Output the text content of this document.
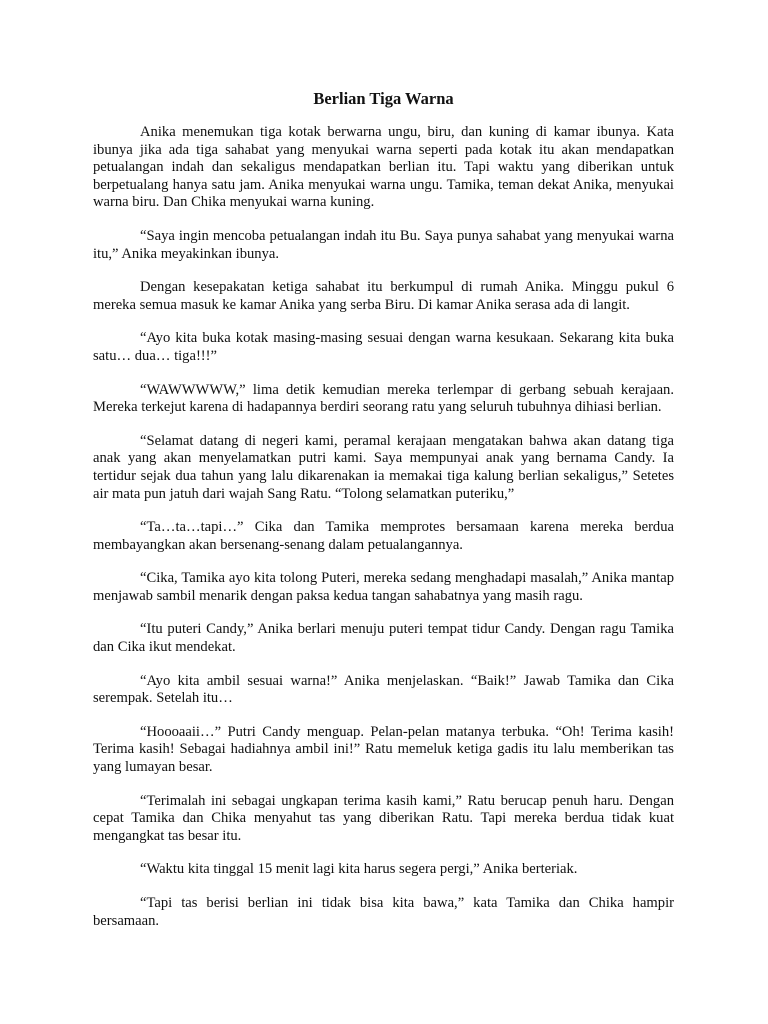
Berlian Tiga Warna

Anika menemukan tiga kotak berwarna ungu, biru, dan kuning di kamar ibunya. Kata ibunya jika ada tiga sahabat yang menyukai warna seperti pada kotak itu akan mendapatkan petualangan indah dan sekaligus mendapatkan berlian itu. Tapi waktu yang diberikan untuk berpetualang hanya satu jam. Anika menyukai warna ungu. Tamika, teman dekat Anika, menyukai warna biru. Dan Chika menyukai warna kuning.

“Saya ingin mencoba petualangan indah itu Bu. Saya punya sahabat yang menyukai warna itu,” Anika meyakinkan ibunya.

Dengan kesepakatan ketiga sahabat itu berkumpul di rumah Anika. Minggu pukul 6 mereka semua masuk ke kamar Anika yang serba Biru. Di kamar Anika serasa ada di langit.

“Ayo kita buka kotak masing-masing sesuai dengan warna kesukaan. Sekarang kita buka satu… dua… tiga!!!”

“WAWWWWW,” lima detik kemudian mereka terlempar di gerbang sebuah kerajaan. Mereka terkejut karena di hadapannya berdiri seorang ratu yang seluruh tubuhnya dihiasi berlian.

“Selamat datang di negeri kami, peramal kerajaan mengatakan bahwa akan datang tiga anak yang akan menyelamatkan putri kami. Saya mempunyai anak yang bernama Candy. Ia tertidur sejak dua tahun yang lalu dikarenakan ia memakai tiga kalung berlian sekaligus,” Setetes air mata pun jatuh dari wajah Sang Ratu. “Tolong selamatkan puteriku,”

“Ta…ta…tapi…” Cika dan Tamika memprotes bersamaan karena mereka berdua membayangkan akan bersenang-senang dalam petualangannya.

“Cika, Tamika ayo kita tolong Puteri, mereka sedang menghadapi masalah,” Anika mantap menjawab sambil menarik dengan paksa kedua tangan sahabatnya yang masih ragu.

“Itu puteri Candy,” Anika berlari menuju puteri tempat tidur Candy. Dengan ragu Tamika dan Cika ikut mendekat.

“Ayo kita ambil sesuai warna!” Anika menjelaskan. “Baik!” Jawab Tamika dan Cika serempak. Setelah itu…

“Hoooaaii…” Putri Candy menguap. Pelan-pelan matanya terbuka. “Oh! Terima kasih! Terima kasih! Sebagai hadiahnya ambil ini!” Ratu memeluk ketiga gadis itu lalu memberikan tas yang lumayan besar.

“Terimalah ini sebagai ungkapan terima kasih kami,” Ratu berucap penuh haru. Dengan cepat Tamika dan Chika menyahut tas yang diberikan Ratu. Tapi mereka berdua tidak kuat mengangkat tas besar itu.

“Waktu kita tinggal 15 menit lagi kita harus segera pergi,” Anika berteriak.

“Tapi tas berisi berlian ini tidak bisa kita bawa,” kata Tamika dan Chika hampir bersamaan.
